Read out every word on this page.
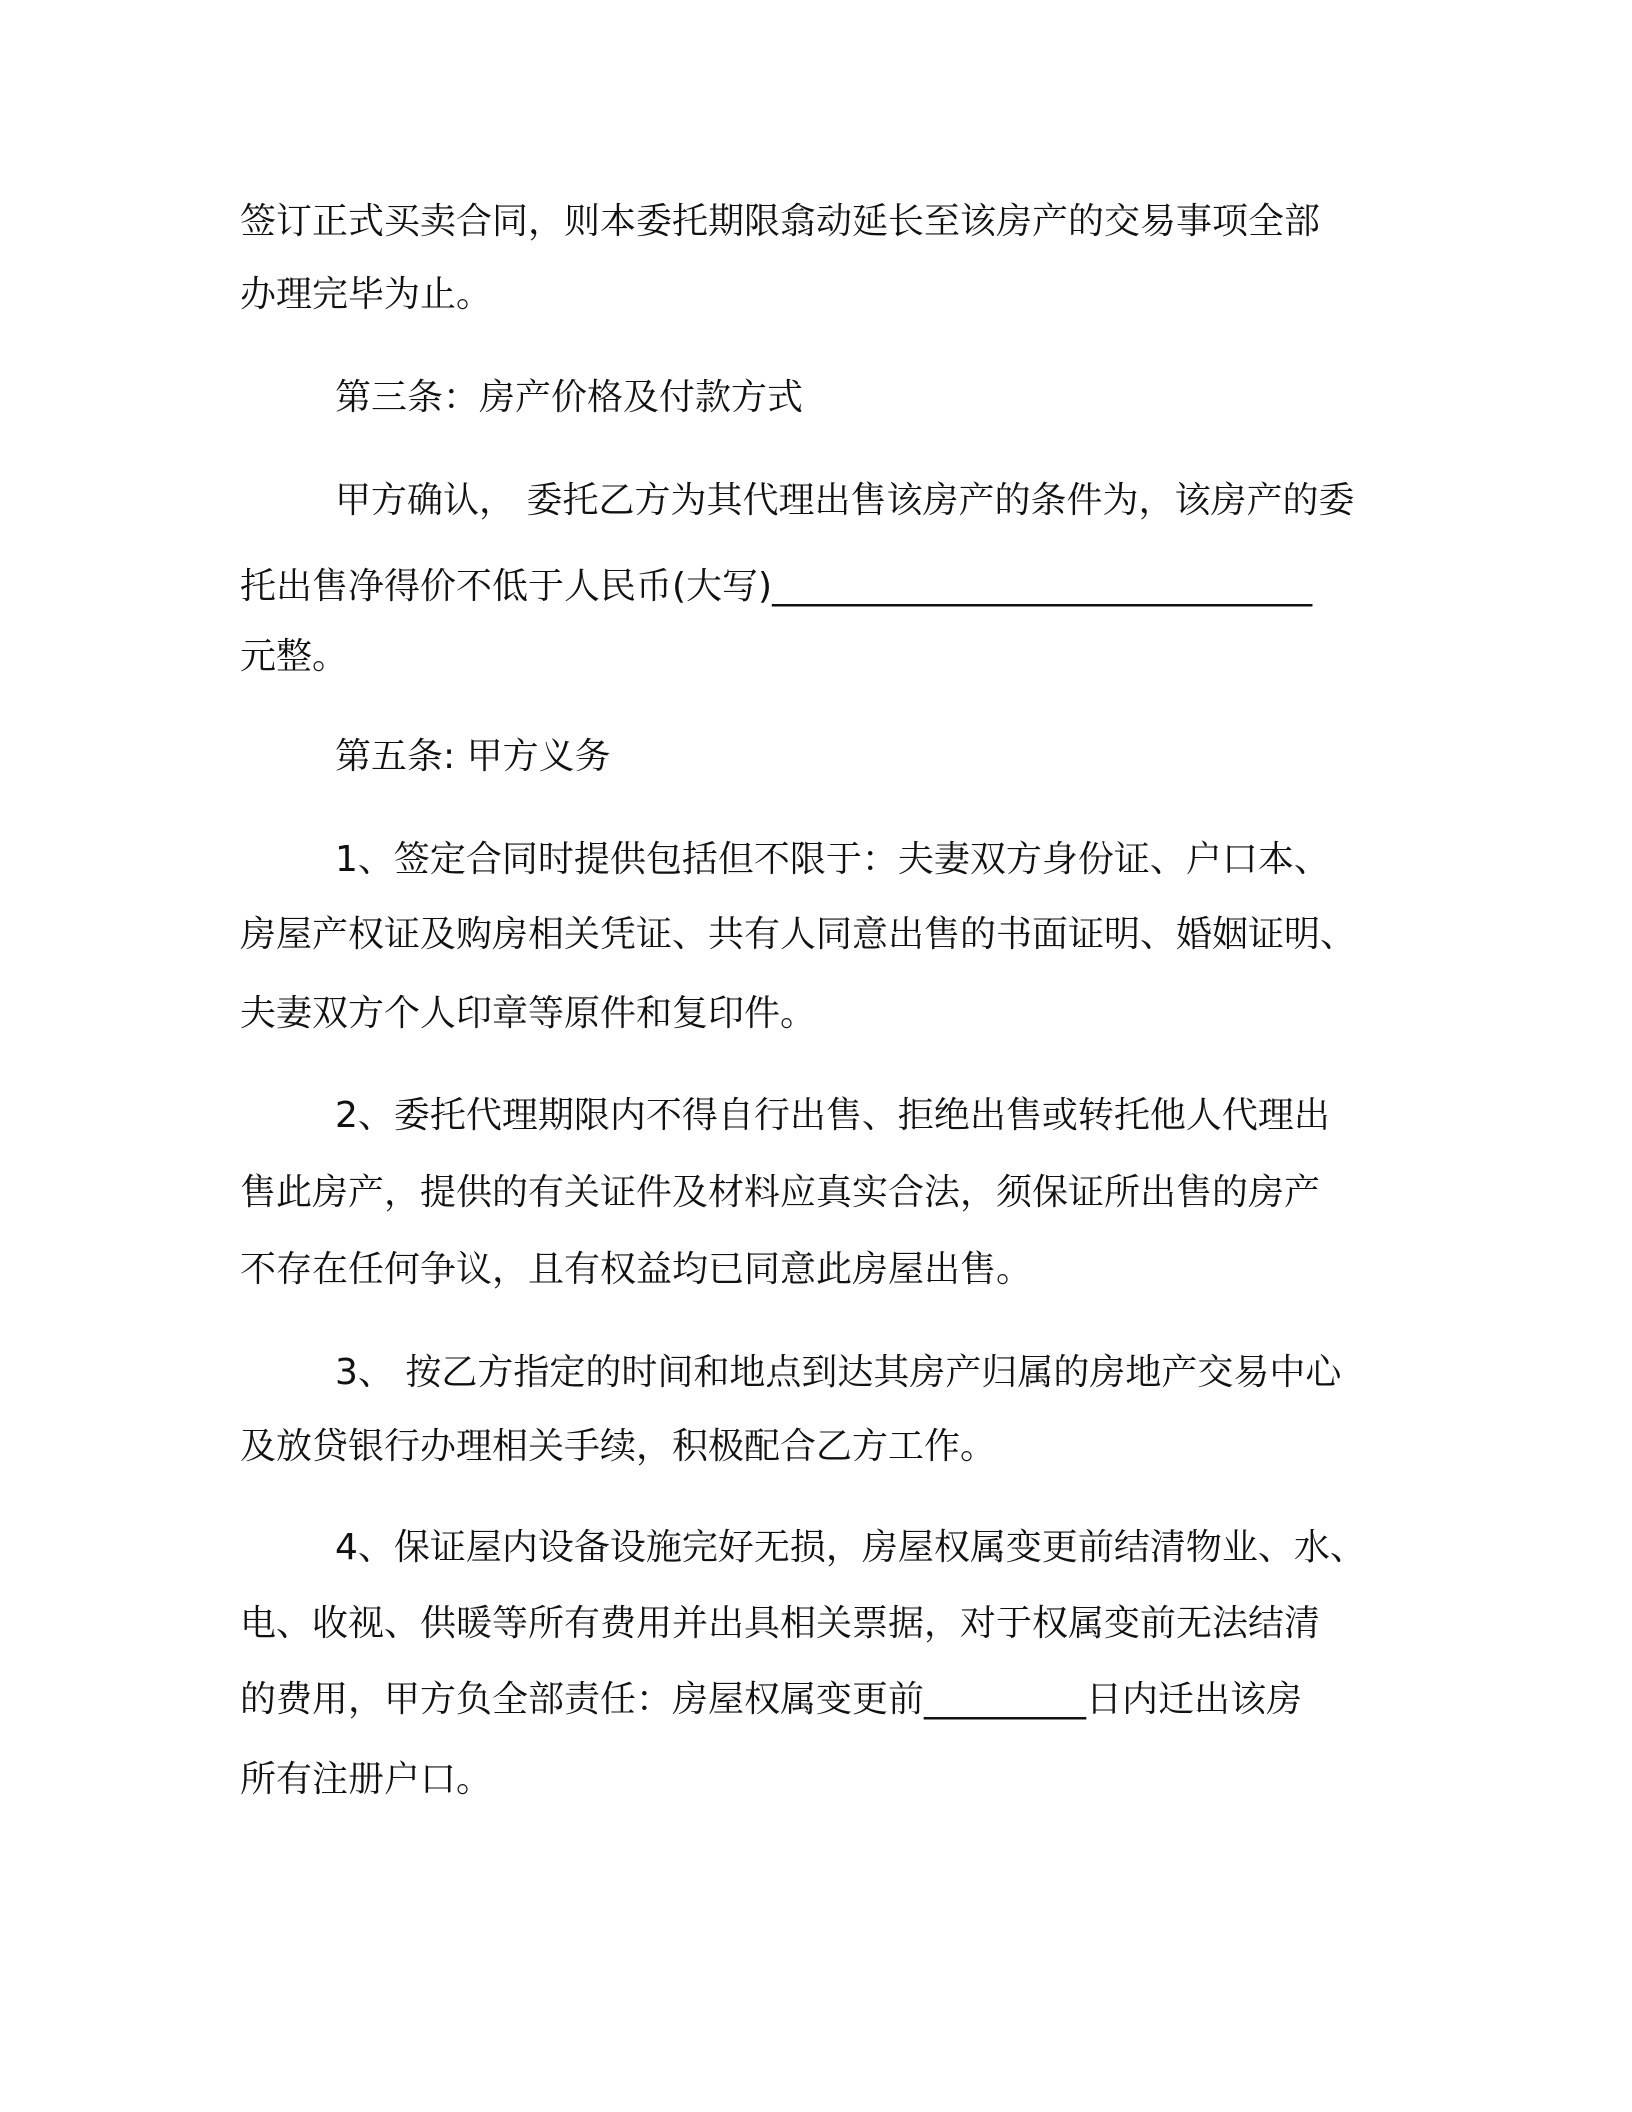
签订正式买卖合同，则本委托期限翕动延长至该房产的交易事项全部
办理完毕为止。
第三条：房产价格及付款方式
甲方确认， 委托乙方为其代理出售该房产的条件为，该房产的委
托出售净得价不低于人民币(大写)______________________________
元整。
第五条: 甲方义务
1、签定合同时提供包括但不限于：夫妻双方身份证、户口本、
房屋产权证及购房相关凭证、共有人同意出售的书面证明、婚姻证明、
夫妻双方个人印章等原件和复印件。
2、委托代理期限内不得自行出售、拒绝出售或转托他人代理出
售此房产，提供的有关证件及材料应真实合法，须保证所出售的房产
不存在任何争议，且有权益均已同意此房屋出售。
3、 按乙方指定的时间和地点到达其房产归属的房地产交易中心
及放贷银行办理相关手续，积极配合乙方工作。
4、保证屋内设备设施完好无损，房屋权属变更前结清物业、水、
电、收视、供暖等所有费用并出具相关票据，对于权属变前无法结清
的费用，甲方负全部责任：房屋权属变更前_________日内迁出该房
所有注册户口。
